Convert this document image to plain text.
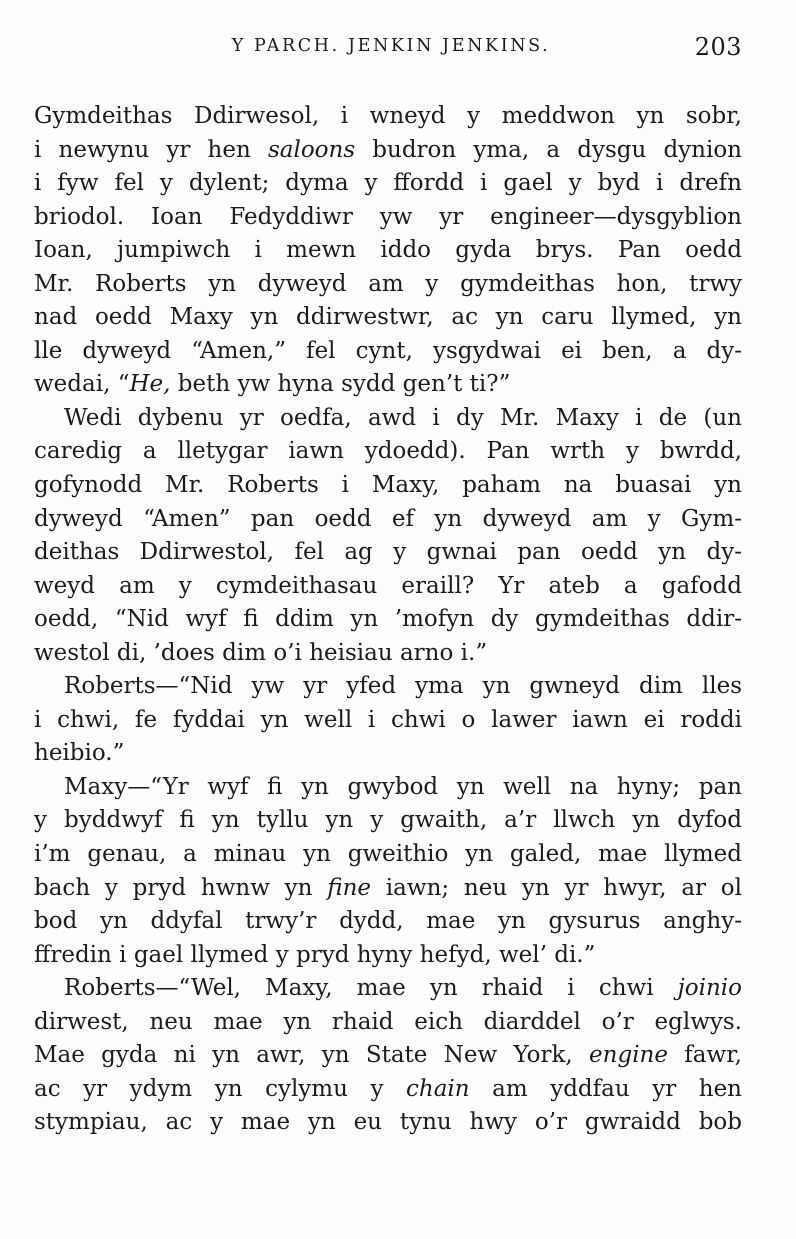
Y PARCH. JENKIN JENKINS.	203
Gymdeithas Ddirwesol, i wneyd y meddwon yn sobr,
i newynu yr hen saloons budron yma, a dysgu dynion
i fyw fel y dylent; dyma y ffordd i gael y byd i drefn
briodol. Ioan Fedyddiwr yw yr engineer—dysgyblion
Ioan, jumpiwch i mewn iddo gyda brys. Pan oedd
Mr. Roberts yn dyweyd am y gymdeithas hon, trwy
nad oedd Maxy yn ddirwestwr, ac yn caru llymed, yn
lle dyweyd “Amen,” fel cynt, ysgydwai ei ben, a dy-
wedai, “He, beth yw hyna sydd gen’t ti?”
Wedi dybenu yr oedfa, awd i dy Mr. Maxy i de (un
caredig a lletygar iawn ydoedd). Pan wrth y bwrdd,
gofynodd Mr. Roberts i Maxy, paham na buasai yn
dyweyd “Amen” pan oedd ef yn dyweyd am y Gym-
deithas Ddirwestol, fel ag y gwnai pan oedd yn dy-
weyd am y cymdeithasau eraill? Yr ateb a gafodd
oedd, “Nid wyf fi ddim yn ’mofyn dy gymdeithas ddir-
westol di, ’does dim o’i heisiau arno i.”
Roberts—“Nid yw yr yfed yma yn gwneyd dim lles
i chwi, fe fyddai yn well i chwi o lawer iawn ei roddi
heibio.”
Maxy—“Yr wyf fi yn gwybod yn well na hyny; pan
y byddwyf fi yn tyllu yn y gwaith, a’r llwch yn dyfod
i’m genau, a minau yn gweithio yn galed, mae llymed
bach y pryd hwnw yn fine iawn; neu yn yr hwyr, ar ol
bod yn ddyfal trwy’r dydd, mae yn gysurus anghy-
ffredin i gael llymed y pryd hyny hefyd, wel’ di.”
Roberts—“Wel, Maxy, mae yn rhaid i chwi joinio
dirwest, neu mae yn rhaid eich diarddel o’r eglwys.
Mae gyda ni yn awr, yn State New York, engine fawr,
ac yr ydym yn cylymu y chain am yddfau yr hen
stympiau, ac y mae yn eu tynu hwy o’r gwraidd bob
